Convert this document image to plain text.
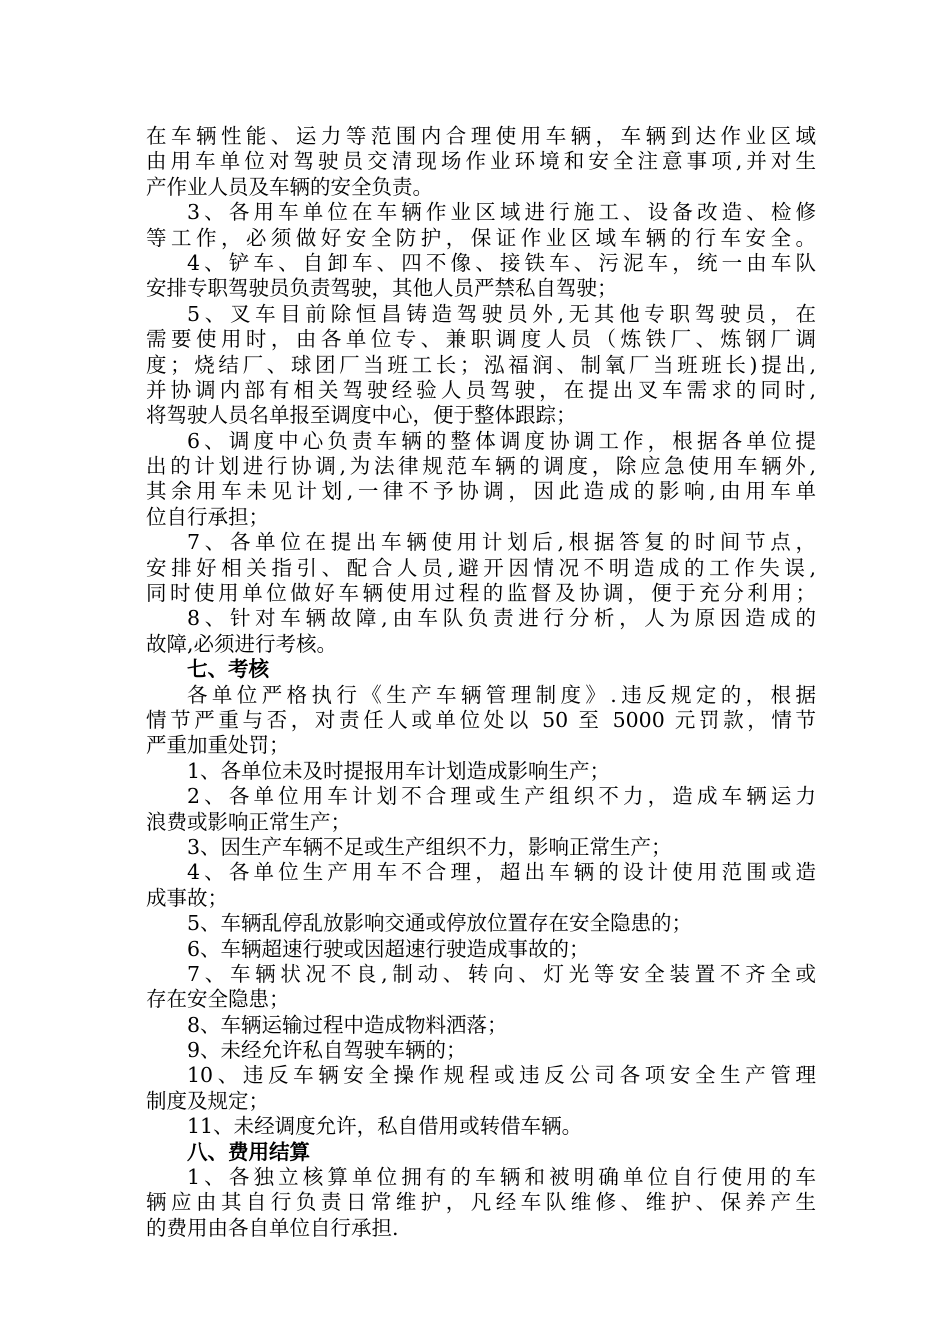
在车辆性能、运力等范围内合理使用车辆，车辆到达作业区域
由用车单位对驾驶员交清现场作业环境和安全注意事项,并对生
产作业人员及车辆的安全负责。
3、各用车单位在车辆作业区域进行施工、设备改造、检修
等工作，必须做好安全防护，保证作业区域车辆的行车安全。
4、铲车、自卸车、四不像、接铁车、污泥车，统一由车队
安排专职驾驶员负责驾驶，其他人员严禁私自驾驶；
5、叉车目前除恒昌铸造驾驶员外,无其他专职驾驶员，在
需要使用时，由各单位专、兼职调度人员（炼铁厂、炼钢厂调
度；烧结厂、球团厂当班工长；泓福润、制氧厂当班班长)提出,
并协调内部有相关驾驶经验人员驾驶，在提出叉车需求的同时,
将驾驶人员名单报至调度中心，便于整体跟踪；
6、调度中心负责车辆的整体调度协调工作，根据各单位提
出的计划进行协调,为法律规范车辆的调度，除应急使用车辆外,
其余用车未见计划,一律不予协调，因此造成的影响,由用车单
位自行承担；
7、各单位在提出车辆使用计划后,根据答复的时间节点，
安排好相关指引、配合人员,避开因情况不明造成的工作失误,
同时使用单位做好车辆使用过程的监督及协调，便于充分利用；
8、针对车辆故障,由车队负责进行分析，人为原因造成的
故障,必须进行考核。
七、考核
各单位严格执行《生产车辆管理制度》.违反规定的，根据
情节严重与否，对责任人或单位处以 50 至 5000 元罚款，情节
严重加重处罚；
1、各单位未及时提报用车计划造成影响生产；
2、各单位用车计划不合理或生产组织不力，造成车辆运力
浪费或影响正常生产；
3、因生产车辆不足或生产组织不力，影响正常生产；
4、各单位生产用车不合理，超出车辆的设计使用范围或造
成事故；
5、车辆乱停乱放影响交通或停放位置存在安全隐患的；
6、车辆超速行驶或因超速行驶造成事故的；
7、车辆状况不良,制动、转向、灯光等安全装置不齐全或
存在安全隐患；
8、车辆运输过程中造成物料洒落；
9、未经允许私自驾驶车辆的；
10、违反车辆安全操作规程或违反公司各项安全生产管理
制度及规定；
11、未经调度允许，私自借用或转借车辆。
八、费用结算
1、各独立核算单位拥有的车辆和被明确单位自行使用的车
辆应由其自行负责日常维护，凡经车队维修、维护、保养产生
的费用由各自单位自行承担.
